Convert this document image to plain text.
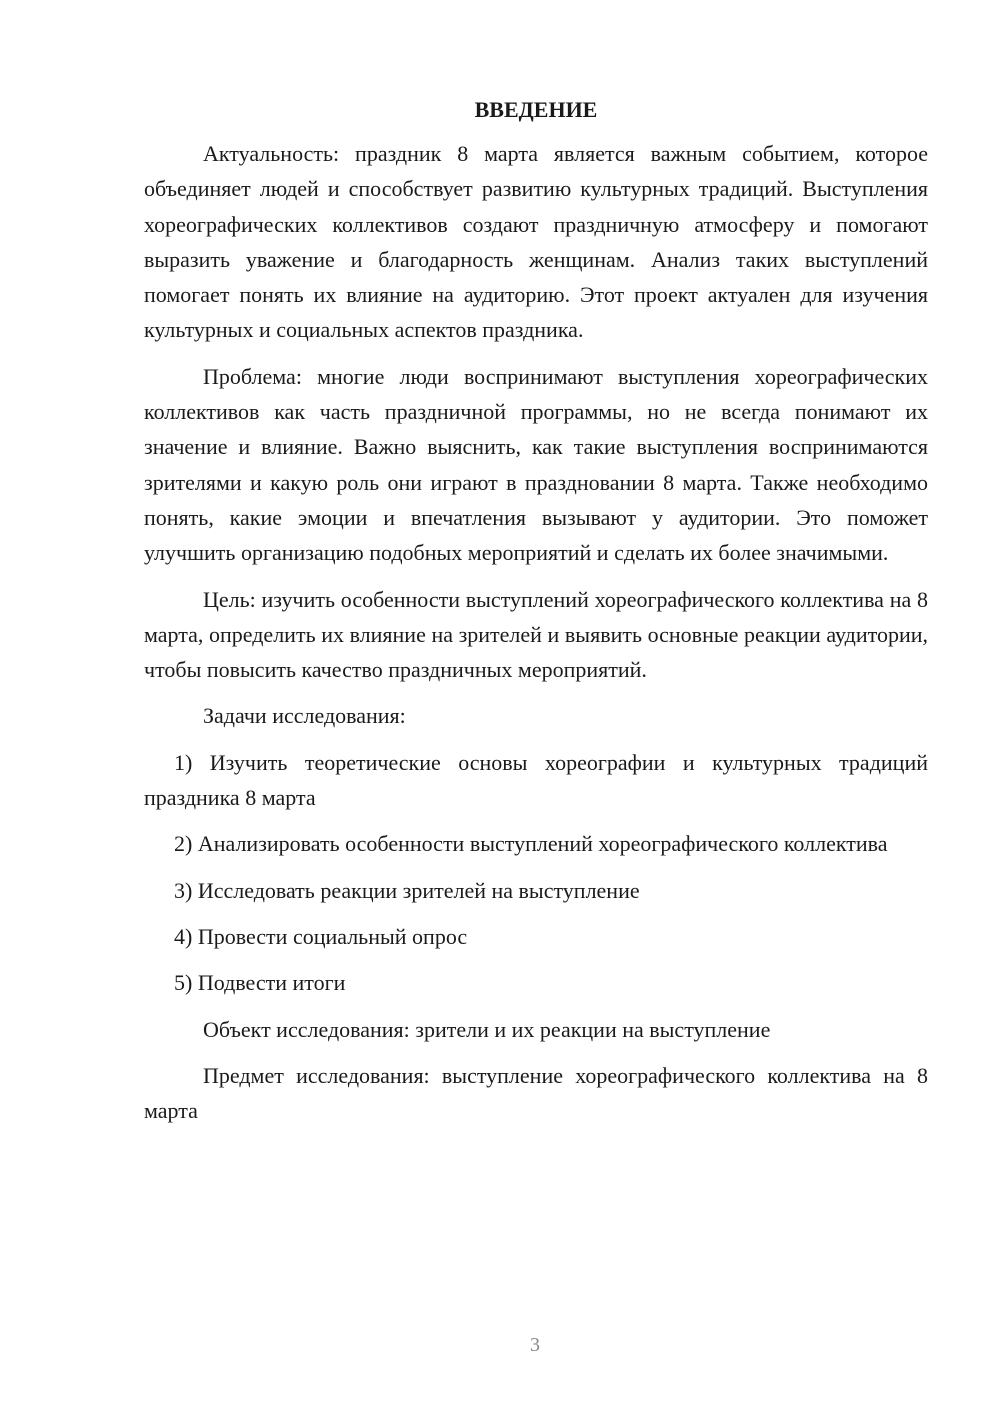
ВВЕДЕНИЕ

Актуальность: праздник 8 марта является важным событием, которое объединяет людей и способствует развитию культурных традиций. Выступления хореографических коллективов создают праздничную атмосферу и помогают выразить уважение и благодарность женщинам. Анализ таких выступлений помогает понять их влияние на аудиторию. Этот проект актуален для изучения культурных и социальных аспектов праздника.

Проблема: многие люди воспринимают выступления хореографических коллективов как часть праздничной программы, но не всегда понимают их значение и влияние. Важно выяснить, как такие выступления воспринимаются зрителями и какую роль они играют в праздновании 8 марта. Также необходимо понять, какие эмоции и впечатления вызывают у аудитории. Это поможет улучшить организацию подобных мероприятий и сделать их более значимыми.

Цель: изучить особенности выступлений хореографического коллектива на 8 марта, определить их влияние на зрителей и выявить основные реакции аудитории, чтобы повысить качество праздничных мероприятий.

Задачи исследования:

1) Изучить теоретические основы хореографии и культурных традиций праздника 8 марта

2) Анализировать особенности выступлений хореографического коллектива

3) Исследовать реакции зрителей на выступление

4) Провести социальный опрос

5) Подвести итоги

Объект исследования: зрители и их реакции на выступление

Предмет исследования: выступление хореографического коллектива на 8 марта

3
